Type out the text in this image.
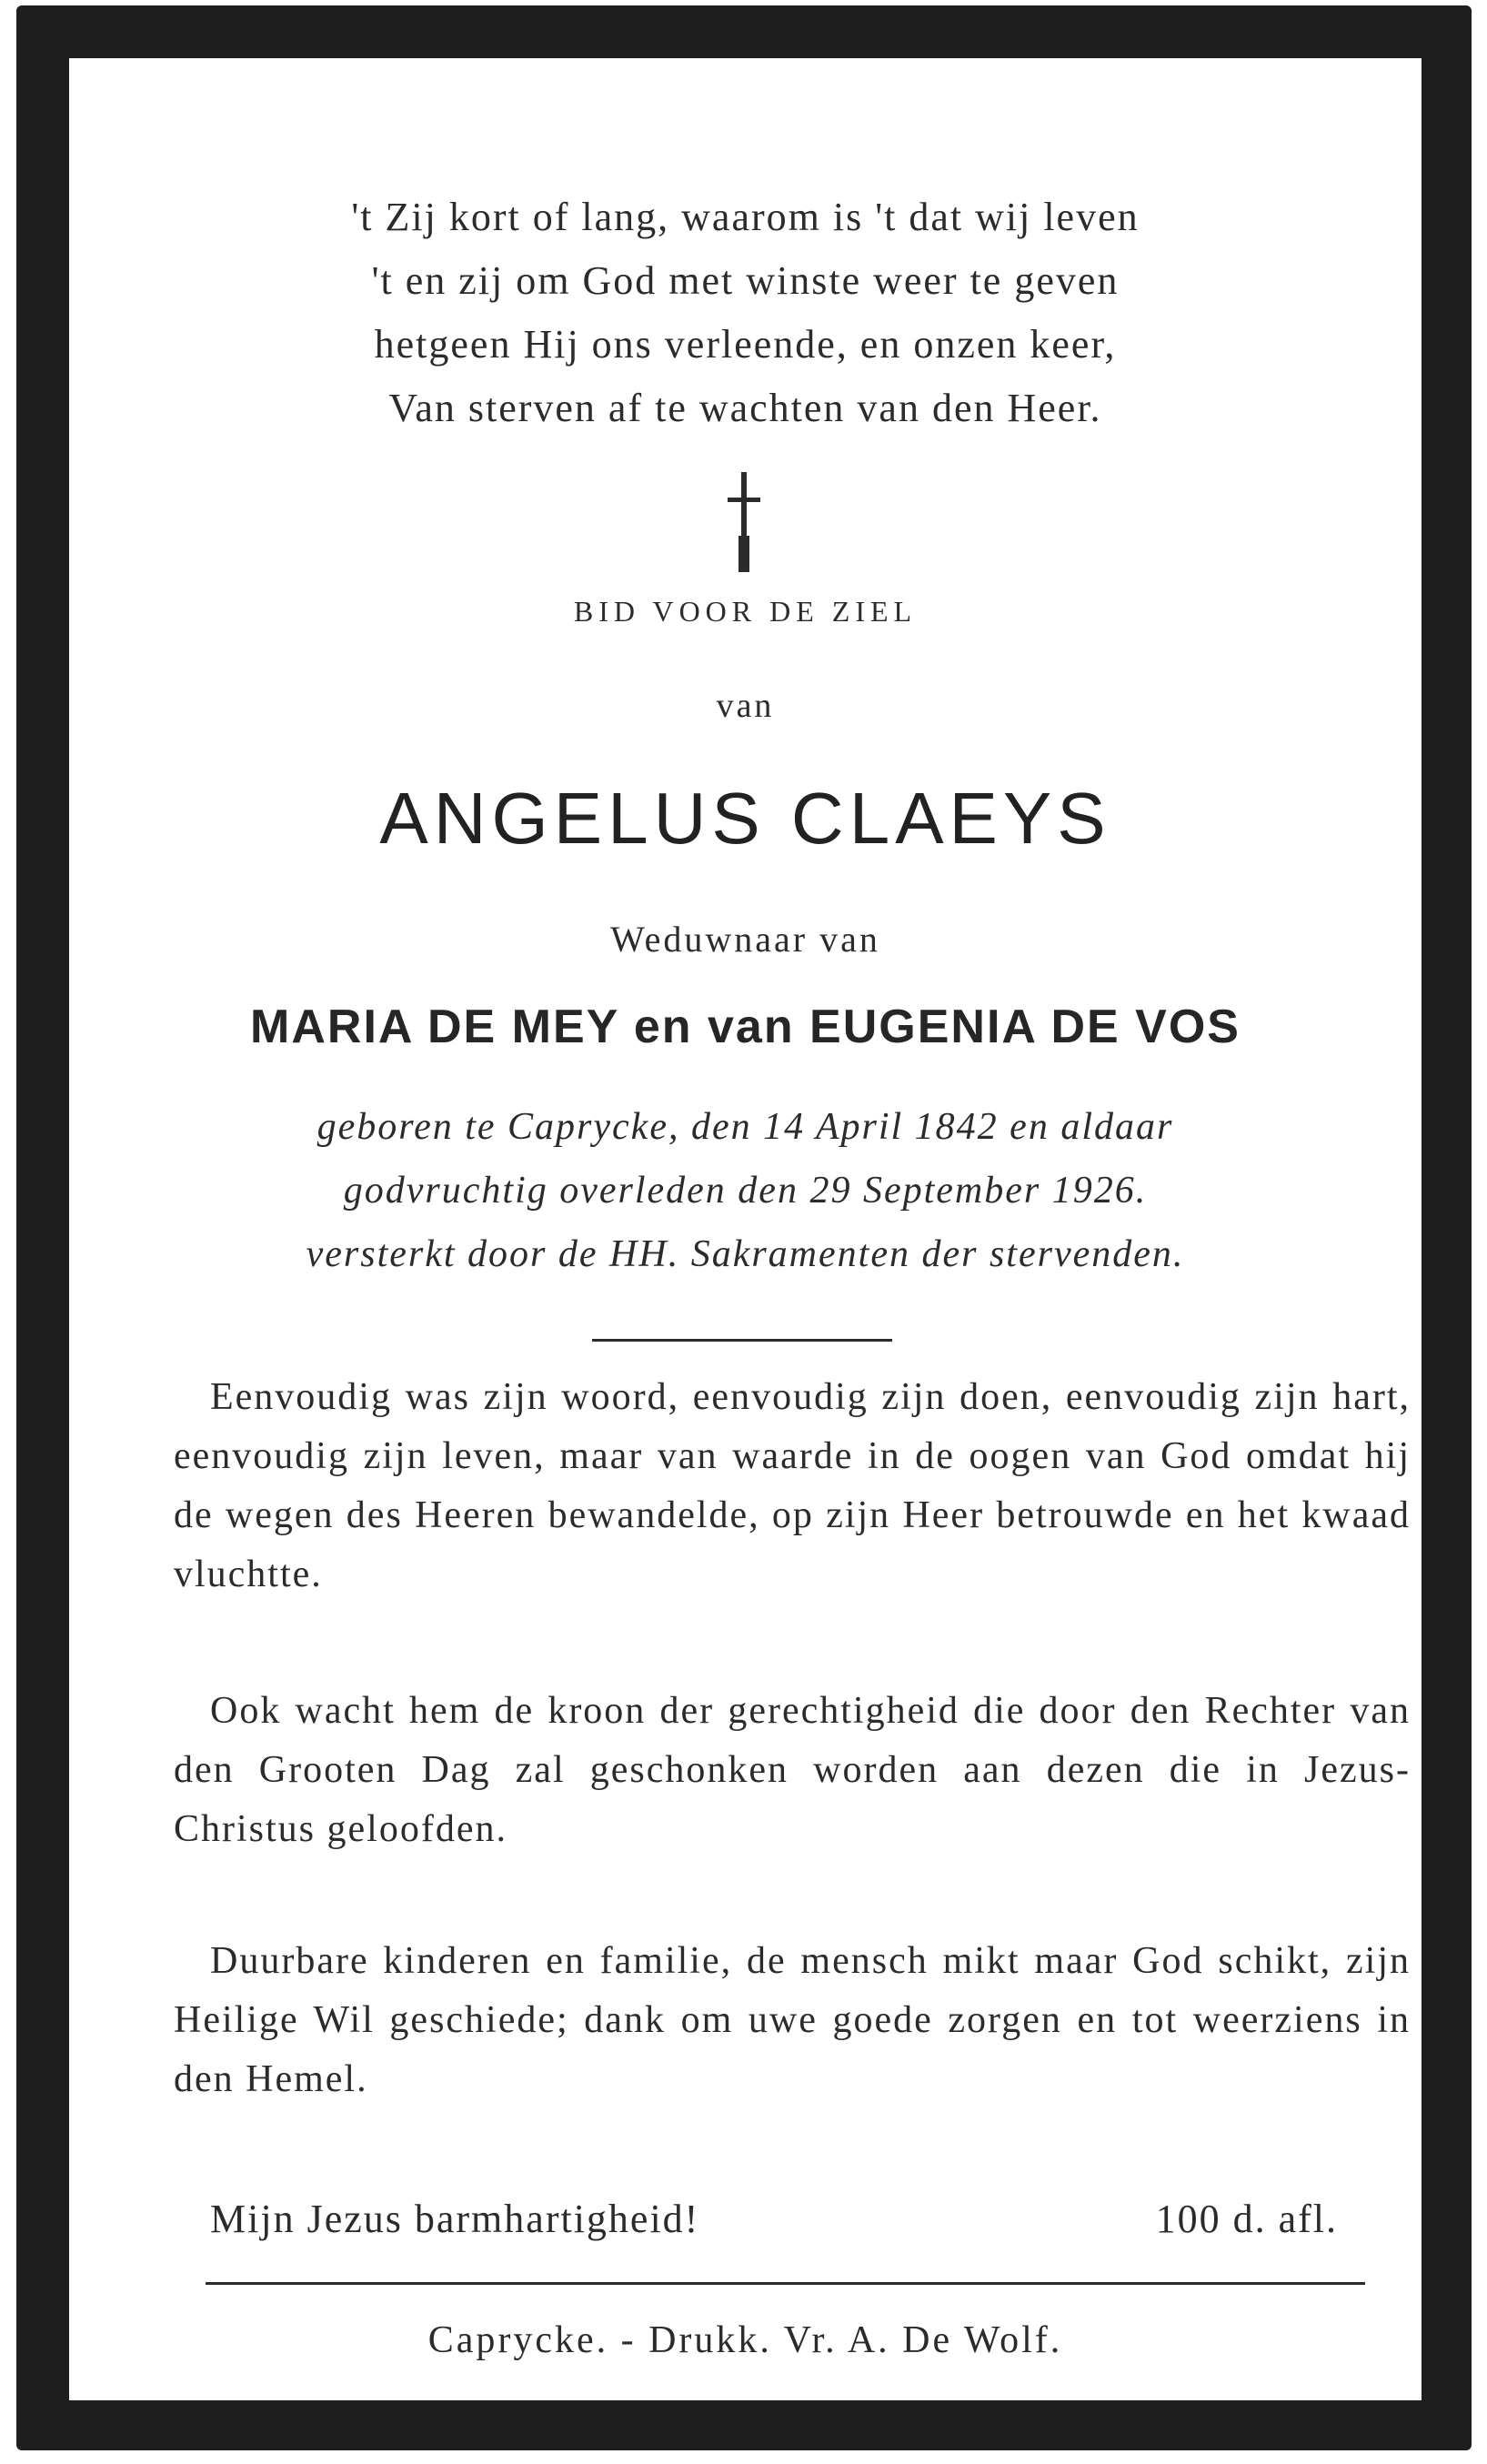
't Zij kort of lang, waarom is 't dat wij leven
't en zij om God met winste weer te geven
hetgeen Hij ons verleende, en onzen keer,
Van sterven af te wachten van den Heer.
BID VOOR DE ZIEL
van
ANGELUS CLAEYS
Weduwnaar van
MARIA DE MEY en van EUGENIA DE VOS
geboren te Caprycke, den 14 April 1842 en aldaar
godvruchtig overleden den 29 September 1926.
versterkt door de HH. Sakramenten der stervenden.
Eenvoudig was zijn woord, eenvoudig zijn doen, eenvoudig zijn hart, eenvoudig zijn leven, maar van waarde in de oogen van God omdat hij de wegen des Heeren bewandelde, op zijn Heer betrouwde en het kwaad vluchtte.
Ook wacht hem de kroon der gerechtigheid die door den Rechter van den Grooten Dag zal geschonken worden aan dezen die in Jezus-Christus geloofden.
Duurbare kinderen en familie, de mensch mikt maar God schikt, zijn Heilige Wil geschiede; dank om uwe goede zorgen en tot weerziens in den Hemel.
Mijn Jezus barmhartigheid!	100 d. afl.
Caprycke. - Drukk. Vr. A. De Wolf.
